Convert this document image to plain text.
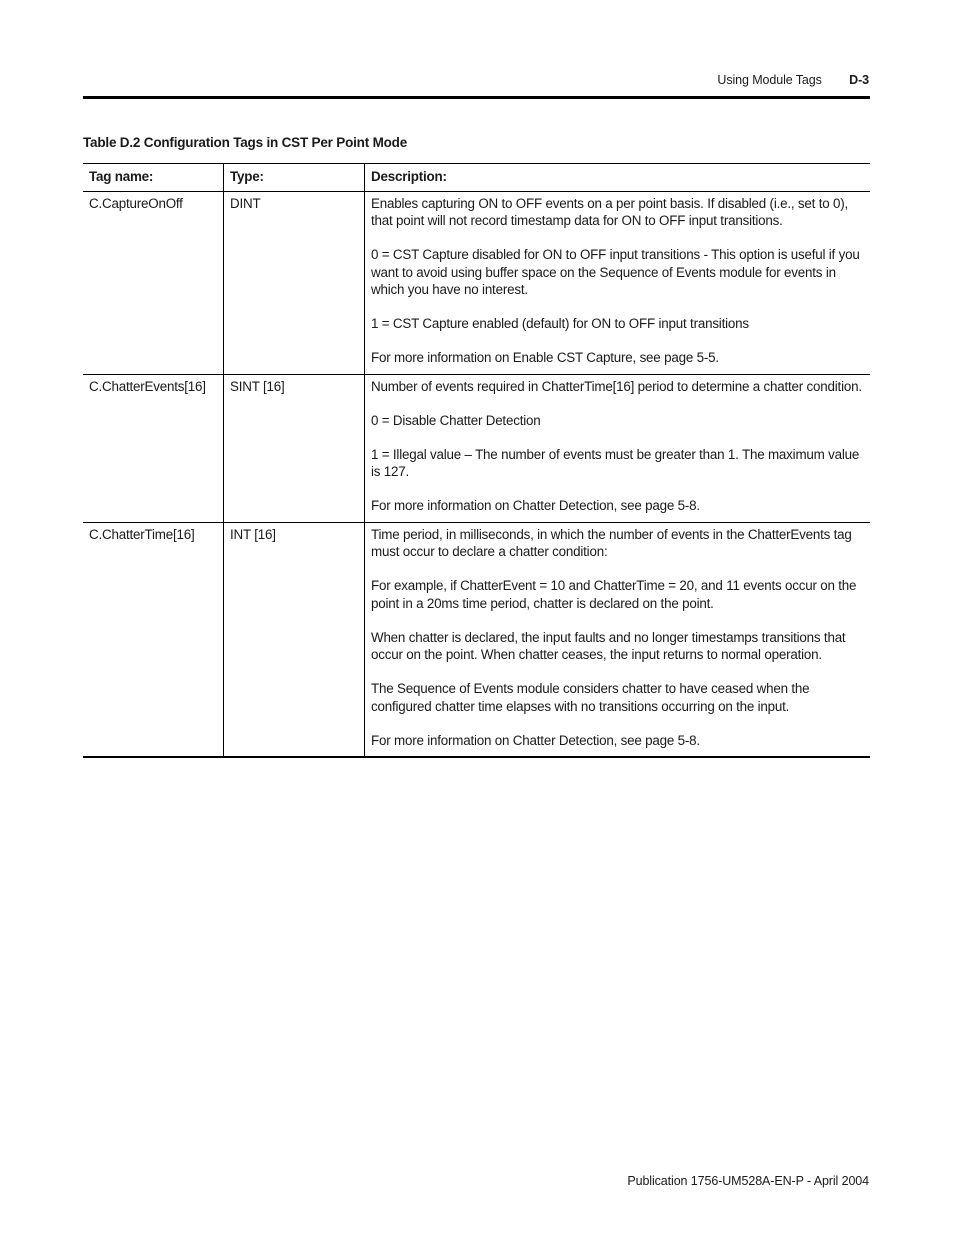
Using Module Tags D-3
Table D.2 Configuration Tags in CST Per Point Mode
Tag name:	Type:	Description:
C.CaptureOnOff	DINT	Enables capturing ON to OFF events on a per point basis. If disabled (i.e., set to 0), that point will not record timestamp data for ON to OFF input transitions.

0 = CST Capture disabled for ON to OFF input transitions - This option is useful if you want to avoid using buffer space on the Sequence of Events module for events in which you have no interest.

1 = CST Capture enabled (default) for ON to OFF input transitions

For more information on Enable CST Capture, see page 5-5.

C.ChatterEvents[16]	SINT [16]	Number of events required in ChatterTime[16] period to determine a chatter condition.

0 = Disable Chatter Detection

1 = Illegal value – The number of events must be greater than 1. The maximum value is 127.

For more information on Chatter Detection, see page 5-8.

C.ChatterTime[16]	INT [16]	Time period, in milliseconds, in which the number of events in the ChatterEvents tag must occur to declare a chatter condition:

For example, if ChatterEvent = 10 and ChatterTime = 20, and 11 events occur on the point in a 20ms time period, chatter is declared on the point.

When chatter is declared, the input faults and no longer timestamps transitions that occur on the point. When chatter ceases, the input returns to normal operation.

The Sequence of Events module considers chatter to have ceased when the configured chatter time elapses with no transitions occurring on the input.

For more information on Chatter Detection, see page 5-8.

Publication 1756-UM528A-EN-P - April 2004
